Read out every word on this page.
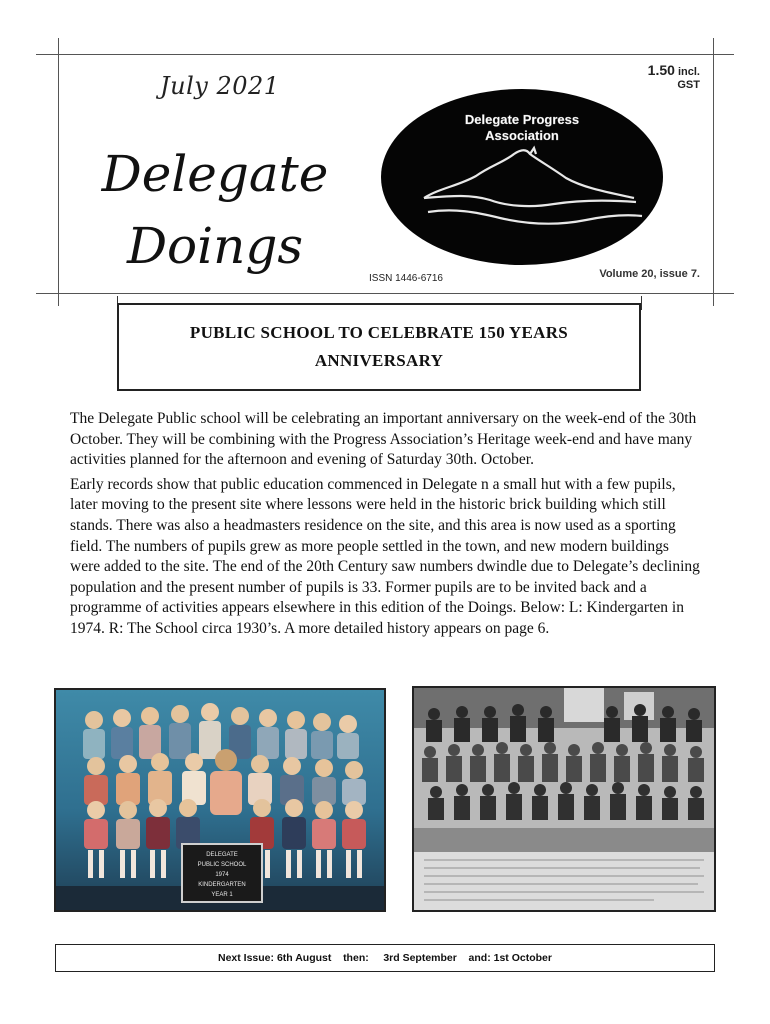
July 2021
Delegate
Doings
ISSN 1446-6716
1.50 incl.
GST
Volume 20, issue 7.
Delegate Progress
Association
PUBLIC SCHOOL TO CELEBRATE 150 YEARS
ANNIVERSARY

The Delegate Public school will be celebrating an important anniversary on the week-end of the 30th October. They will be combining with the Progress Association’s Heritage week-end and have many activities planned for the afternoon and evening of Saturday 30th. October.

Early records show that public education commenced in Delegate n a small hut with a few pupils, later moving to the present site where lessons were held in the historic brick building which still stands. There was also a headmasters residence on the site, and this area is now used as a sporting field. The numbers of pupils grew as more people settled in the town, and new modern buildings were added to the site. The end of the 20th Century saw numbers dwindle due to Delegate’s declining population and the present number of pupils is 33. Former pupils are to be invited back and a programme of activities appears elsewhere in this edition of the Doings. Below: L: Kindergarten in 1974. R: The School circa 1930’s. A more detailed history appears on page 6.

DELEGATE
PUBLIC SCHOOL
1974
KINDERGARTEN
YEAR 1
Next Issue: 6th August
then:
3rd September
and:
1st October
